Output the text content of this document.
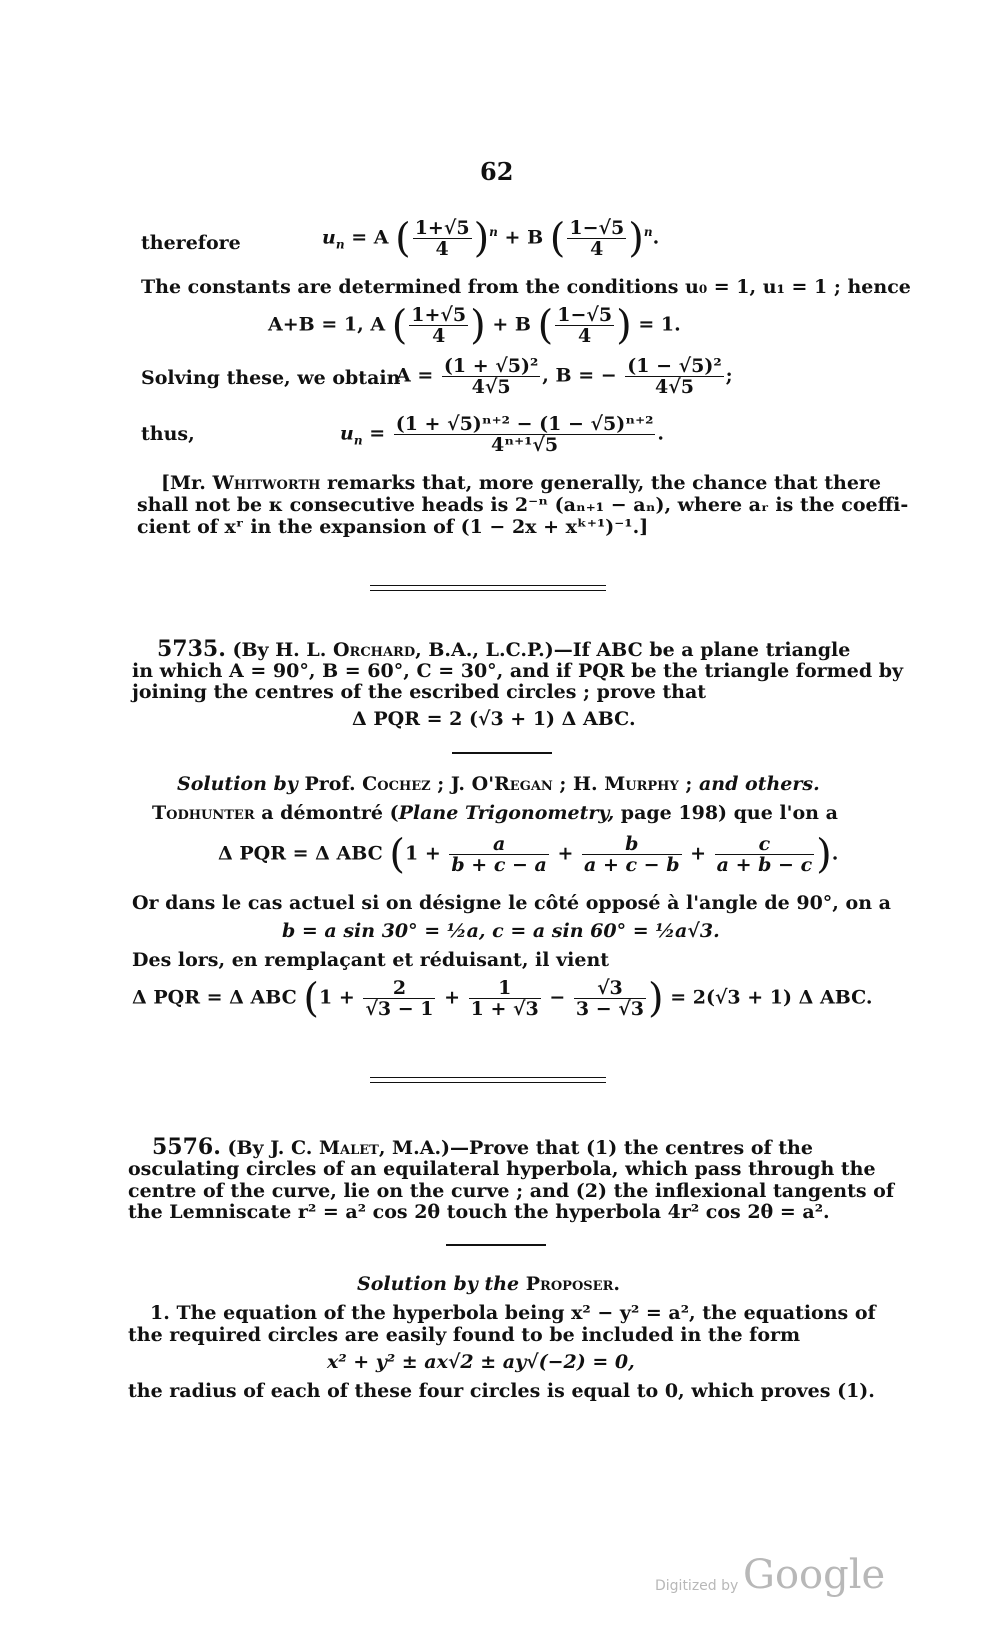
62
therefore	$u_n = A$ ( $\frac{1+√5}{4} )^n + B$ ( $\frac{1-√5}{4} )^n$.
The constants are determined from the conditions u₀ = 1, u₁ = 1 ; hence
A+B = 1, A ( $\frac{1+√5}{4}$ ) + B ( $\frac{1-√5}{4}$ ) = 1.
Solving these, we obtain
$A = \frac{\text{(1 + √5)²}}{4√5}$ , B = − $\frac{\text{(1 − √5)²}}{4√5}$ ;
thus,	$u_n = \frac{\text{(1 + √5)ⁿ⁺² − (1 − √5)ⁿ⁺²}}{\text{4ⁿ⁺¹√5}}$ .
[Mr. Whitworth remarks that, more generally, the chance that there
shall not be κ consecutive heads is 2⁻ⁿ (aₙ₊₁ − aₙ), where aᵣ is the coeffi-
cient of xʳ in the expansion of (1 − 2x + xᵏ⁺¹)⁻¹.]
5735. (By H. L. Orchard, B.A., L.C.P.)—If ABC be a plane triangle
in which A = 90°, B = 60°, C = 30°, and if PQR be the triangle formed by
joining the centres of the escribed circles ; prove that
Δ PQR = 2 (√3 + 1) Δ ABC.
Solution by Prof. Cochez ; J. O'Regan ; H. Murphy ; and others.
Todhunter a démontré (Plane Trigonometry, page 198) que l'on a
Δ PQR = Δ ABC ($1 + \frac{a}{b + c - a} + \frac{b}{a + c - b} + \frac{c}{a + b - c}$ ).
Or dans le cas actuel si on désigne le côté opposé à l'angle de 90°, on a
b = a sin 30° = ½a, c = a sin 60° = ½a√3.
Des lors, en remplaçant et réduisant, il vient
Δ PQR = Δ ABC ($1 + \frac{2}{√3 - 1} + \frac{1}{1 + √3} - \frac{√3}{3 - √3}$ ) = 2(√3 + 1) Δ ABC.
5576. (By J. C. Malet, M.A.)—Prove that (1) the centres of the
osculating circles of an equilateral hyperbola, which pass through the
centre of the curve, lie on the curve ; and (2) the inflexional tangents of
the Lemniscate r² = a² cos 2θ touch the hyperbola 4r² cos 2θ = a².
Solution by the Proposer.
1. The equation of the hyperbola being x² − y² = a², the equations of
the required circles are easily found to be included in the form
x² + y² ± ax√2 ± ay√(−2) = 0,
the radius of each of these four circles is equal to 0, which proves (1).
Digitized by Google
